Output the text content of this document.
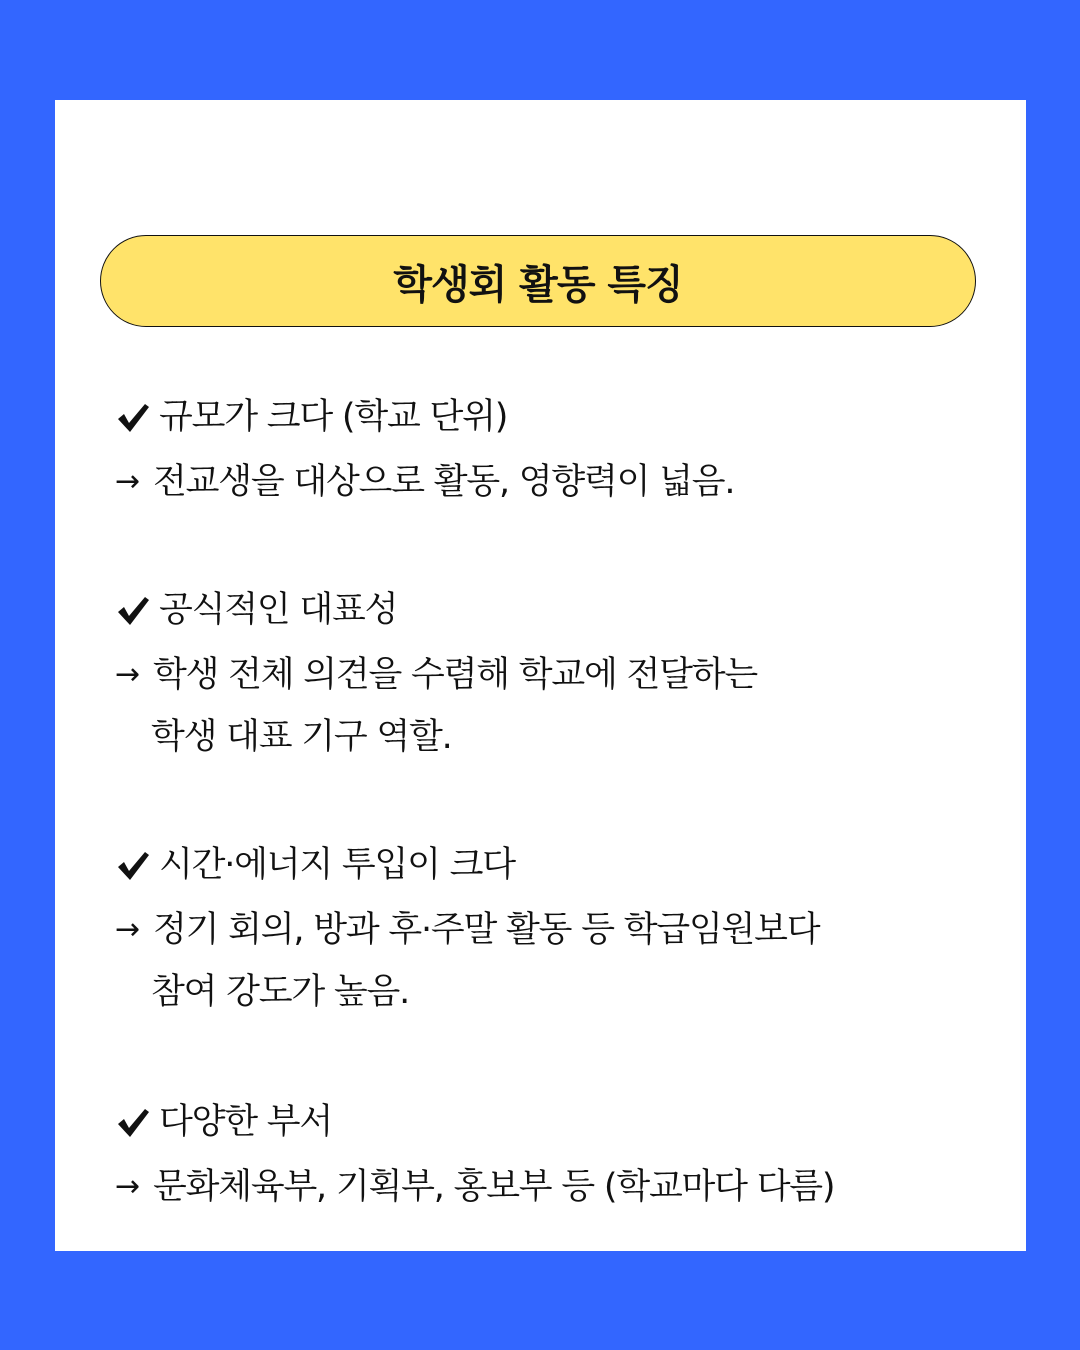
학생회 활동 특징
규모가 크다 (학교 단위)
→ 전교생을 대상으로 활동, 영향력이 넓음.
공식적인 대표성
→ 학생 전체 의견을 수렴해 학교에 전달하는
학생 대표 기구 역할.
시간·에너지 투입이 크다
→ 정기 회의, 방과 후·주말 활동 등 학급임원보다
참여 강도가 높음.
다양한 부서
→ 문화체육부, 기획부, 홍보부 등 (학교마다 다름)
